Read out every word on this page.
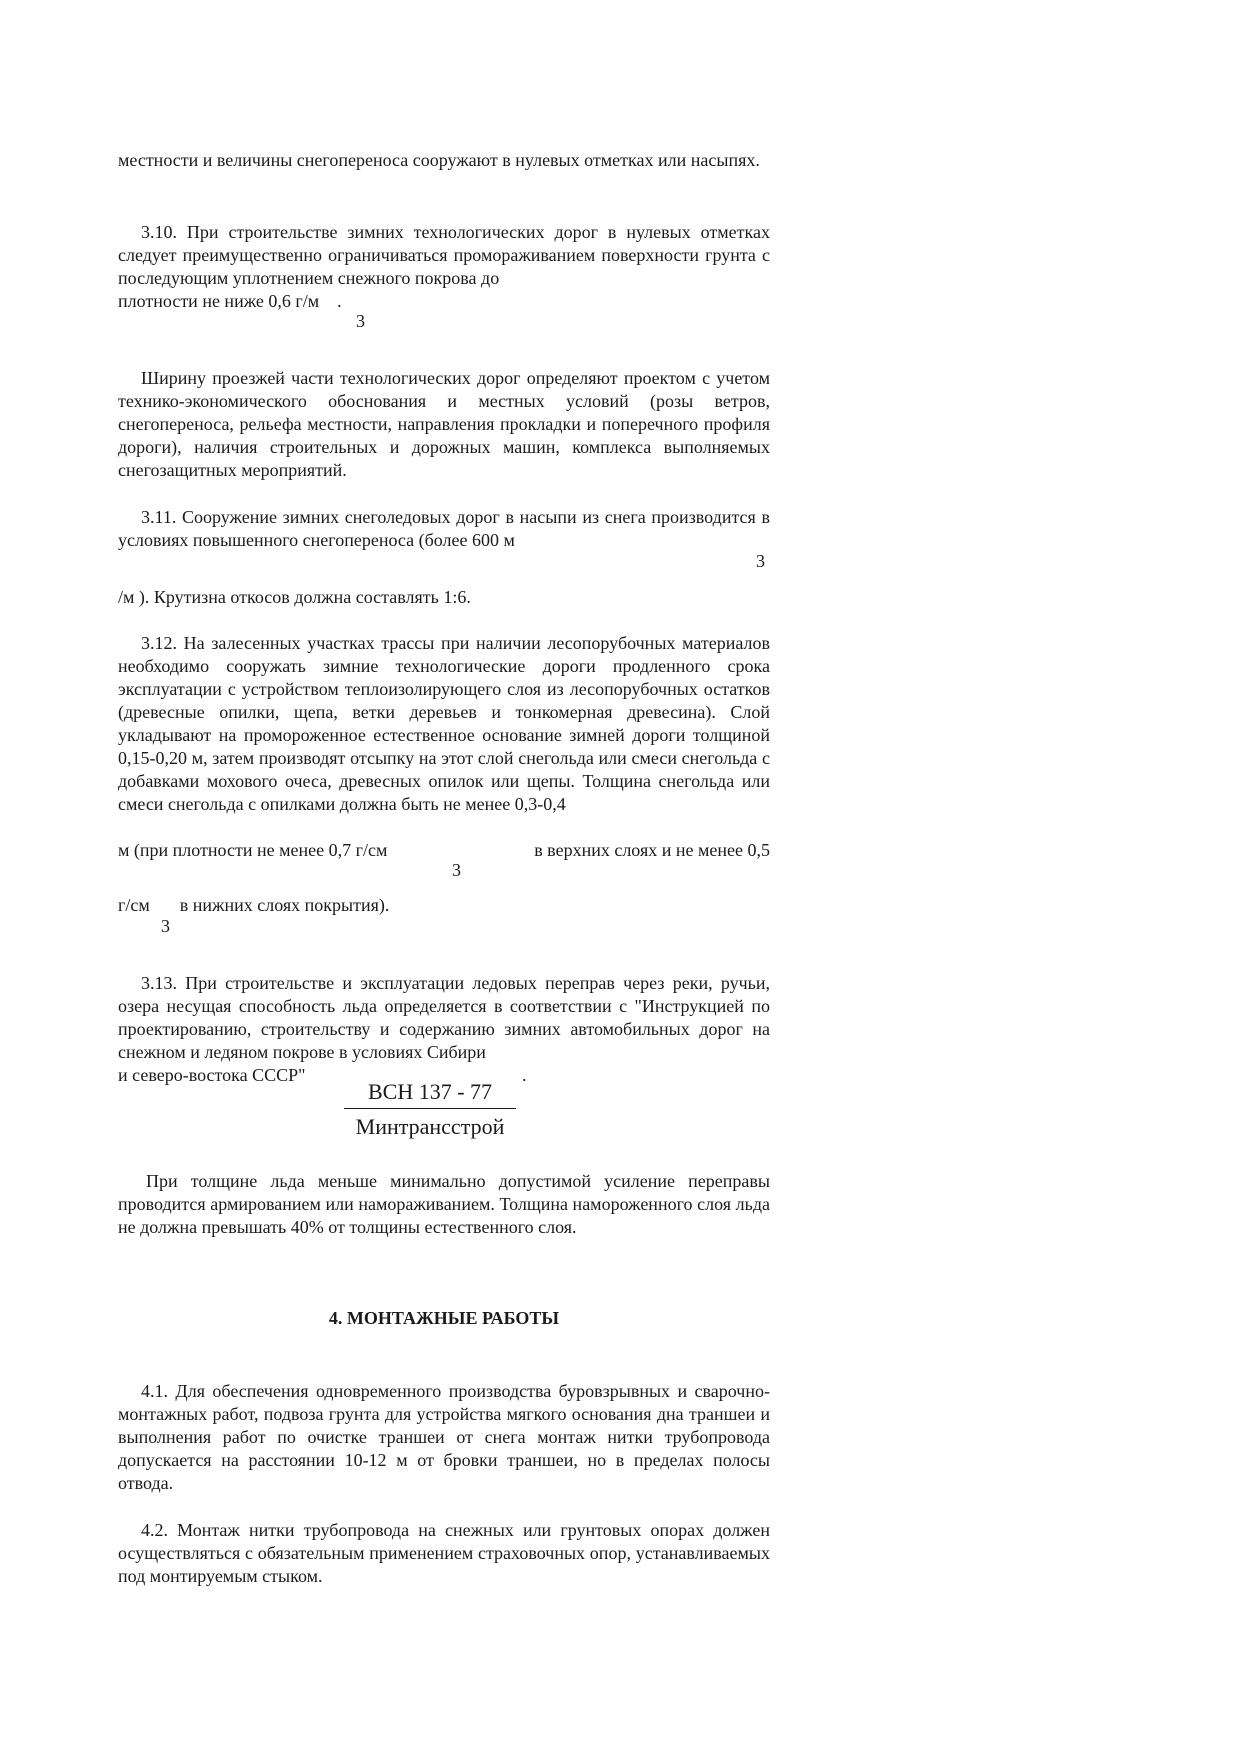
местности и величины снегопереноса сооружают в нулевых отметках или насыпях.
3.10. При строительстве зимних технологических дорог в нулевых отметках следует преимущественно ограничиваться промораживанием поверхности грунта с последующим уплотнением снежного покрова до
плотности не ниже 0,6 г/м .
3
Ширину проезжей части технологических дорог определяют проектом с учетом технико-экономического обоснования и местных условий (розы ветров, снегопереноса, рельефа местности, направления прокладки и поперечного профиля дороги), наличия строительных и дорожных машин, комплекса выполняемых снегозащитных мероприятий.
3.11. Сооружение зимних снеголедовых дорог в насыпи из снега производится в условиях повышенного снегопереноса (более 600 м
3
/м ). Крутизна откосов должна составлять 1:6.
3.12. На залесенных участках трассы при наличии лесопорубочных материалов необходимо сооружать зимние технологические дороги продленного срока эксплуатации с устройством теплоизолирующего слоя из лесопорубочных остатков (древесные опилки, щепа, ветки деревьев и тонкомерная древесина). Слой укладывают на промороженное естественное основание зимней дороги толщиной 0,15-0,20 м, затем производят отсыпку на этот слой снегольда или смеси снегольда с добавками мохового очеса, древесных опилок или щепы. Толщина снегольда или смеси снегольда с опилками должна быть не менее 0,3-0,4
м (при плотности не менее 0,7 г/см	в верхних слоях и не менее 0,5
3
г/см в нижних слоях покрытия).
3
3.13. При строительстве и эксплуатации ледовых переправ через реки, ручьи, озера несущая способность льда определяется в соответствии с "Инструкцией по проектированию, строительству и содержанию зимних автомобильных дорог на снежном и ледяном покрове в условиях Сибири
и северо-востока СССР"	.
ВСН 137 - 77
Минтрансстрой
При толщине льда меньше минимально допустимой усиление переправы проводится армированием или намораживанием. Толщина намороженного слоя льда не должна превышать 40% от толщины естественного слоя.
4. МОНТАЖНЫЕ РАБОТЫ
4.1. Для обеспечения одновременного производства буровзрывных и сварочно-монтажных работ, подвоза грунта для устройства мягкого основания дна траншеи и выполнения работ по очистке траншеи от снега монтаж нитки трубопровода допускается на расстоянии 10-12 м от бровки траншеи, но в пределах полосы отвода.
4.2. Монтаж нитки трубопровода на снежных или грунтовых опорах должен осуществляться с обязательным применением страховочных опор, устанавливаемых под монтируемым стыком.
